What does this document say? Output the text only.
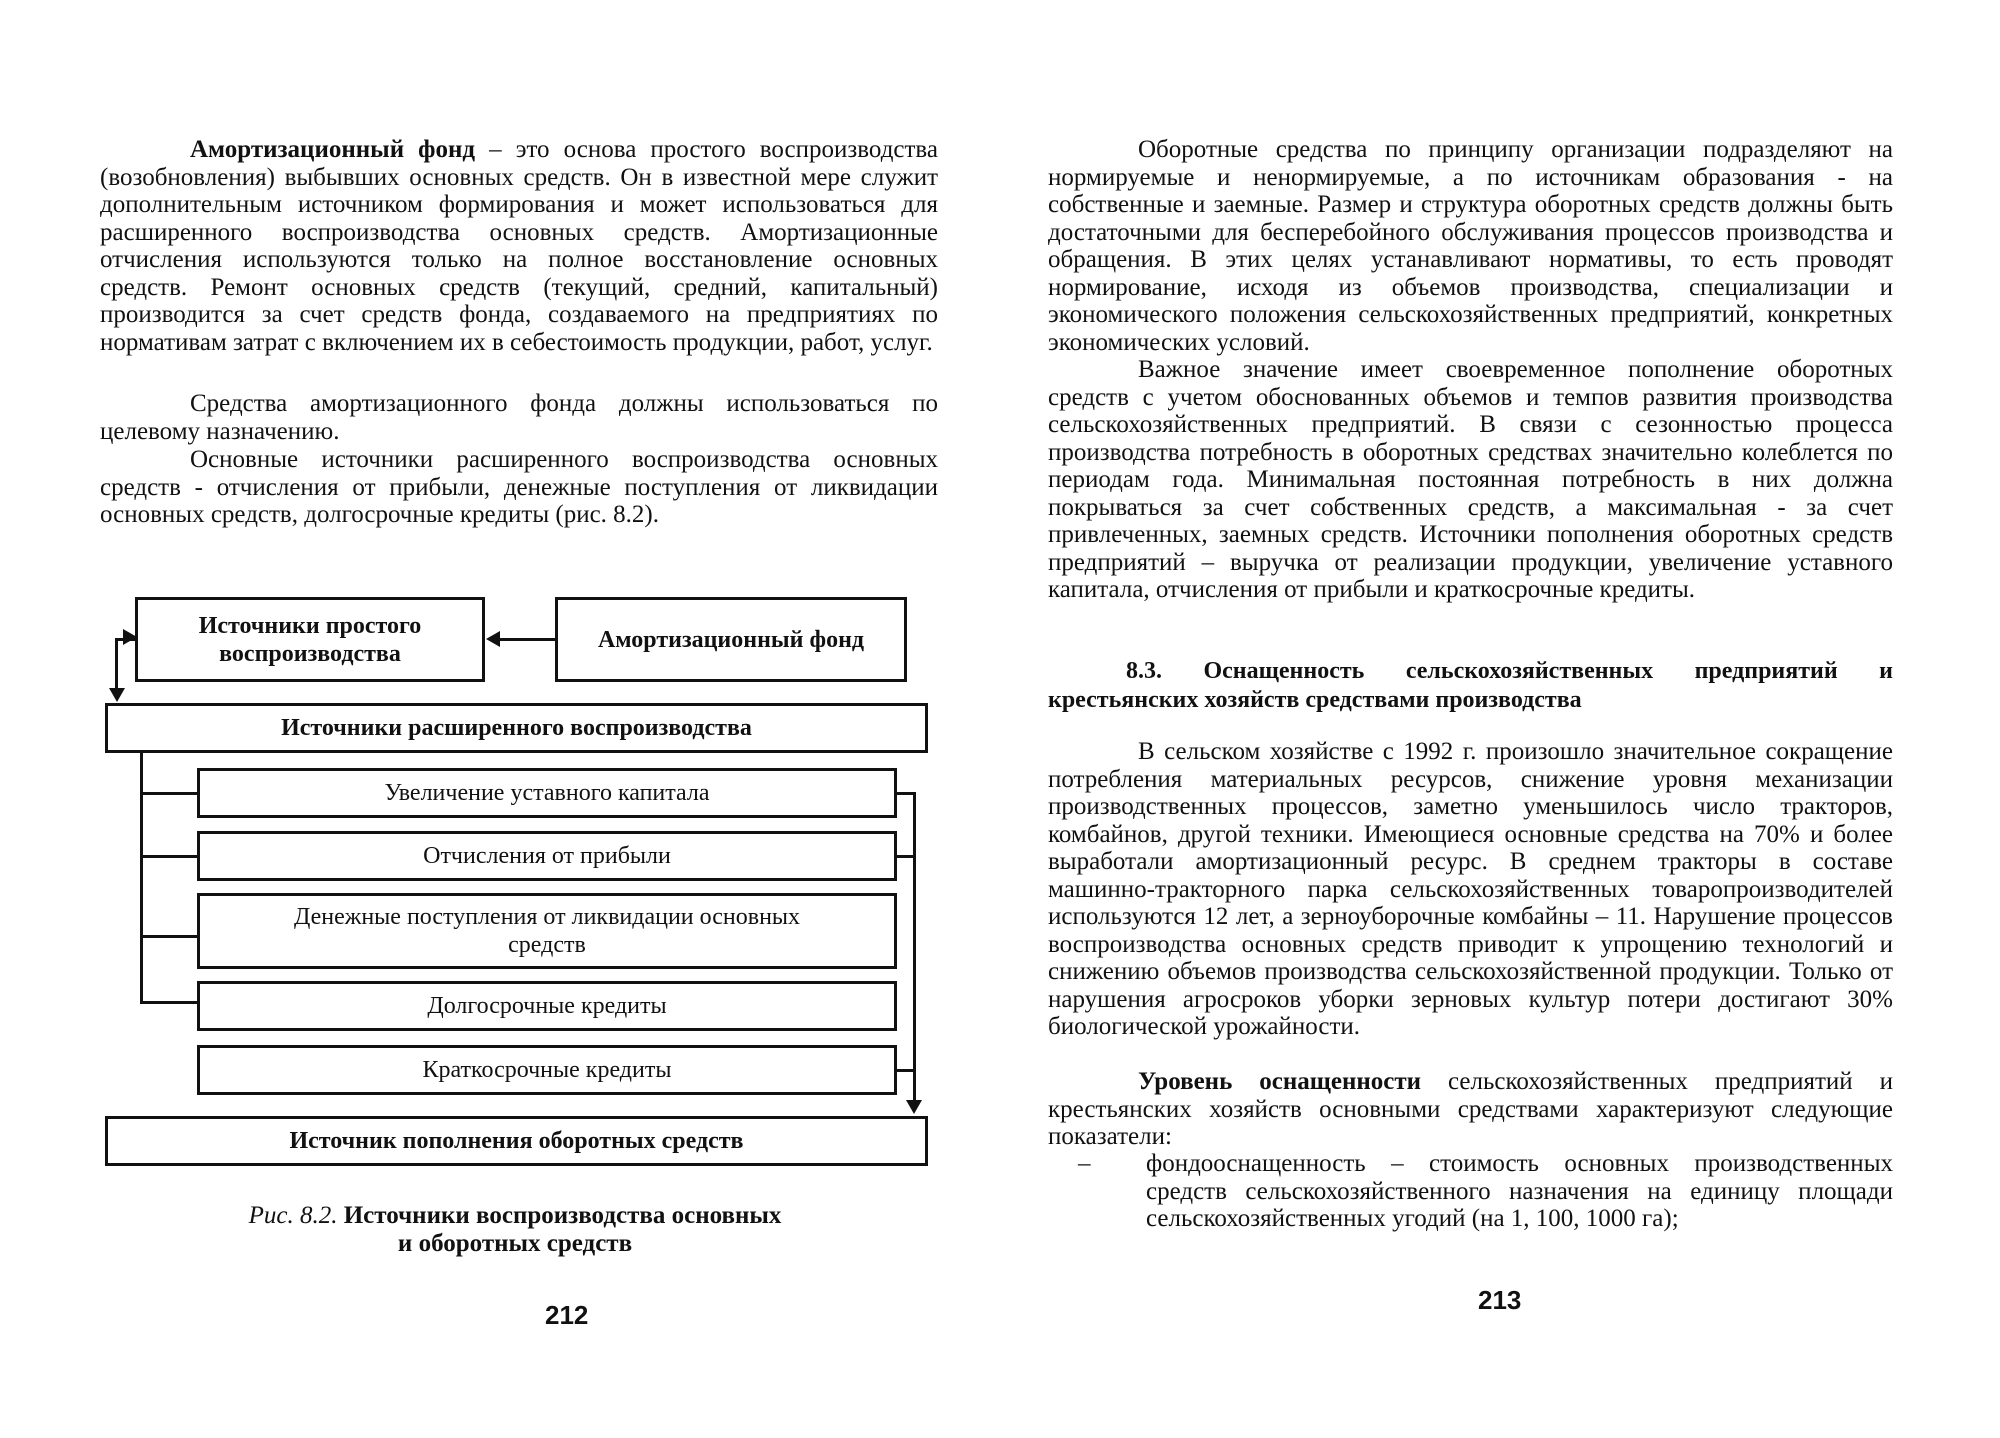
Амортизационный фонд – это основа простого воспроизводства (возобновления) выбывших основных средств. Он в известной мере служит дополнительным источником формирования и может использоваться для расширенного воспроизводства основных средств. Амортизационные отчисления используются только на полное восстановление основных средств. Ремонт основных средств (текущий, средний, капитальный) производится за счет средств фонда, создаваемого на предприятиях по нормативам затрат с включением их в себестоимость продукции, работ, услуг.

Средства амортизационного фонда должны использоваться по целевому назначению.

Основные источники расширенного воспроизводства основных средств - отчисления от прибыли, денежные поступления от ликвидации основных средств, долгосрочные кредиты (рис. 8.2).

Источники простого воспроизводства
Амортизационный фонд
Источники расширенного воспроизводства
Увеличение уставного капитала
Отчисления от прибыли
Денежные поступления от ликвидации основных средств
Долгосрочные кредиты
Краткосрочные кредиты
Источник пополнения оборотных средств
Рис. 8.2. Источники воспроизводства основных
и оборотных средств
212

Оборотные средства по принципу организации подразделяют на нормируемые и ненормируемые, а по источникам образования - на собственные и заемные. Размер и структура оборотных средств должны быть достаточными для бесперебойного обслуживания процессов производства и обращения. В этих целях устанавливают нормативы, то есть проводят нормирование, исходя из объемов производства, специализации и экономического положения сельскохозяйственных предприятий, конкретных экономических условий.

Важное значение имеет своевременное пополнение оборотных средств с учетом обоснованных объемов и темпов развития производства сельскохозяйственных предприятий. В связи с сезонностью процесса производства потребность в оборотных средствах значительно колеблется по периодам года. Минимальная постоянная потребность в них должна покрываться за счет собственных средств, а максимальная - за счет привлеченных, заемных средств. Источники пополнения оборотных средств предприятий – выручка от реализации продукции, увеличение уставного капитала, отчисления от прибыли и краткосрочные кредиты.

8.3. Оснащенность сельскохозяйственных предприятий и крестьянских хозяйств средствами производства

В сельском хозяйстве с 1992 г. произошло значительное сокращение потребления материальных ресурсов, снижение уровня механизации производственных процессов, заметно уменьшилось число тракторов, комбайнов, другой техники. Имеющиеся основные средства на 70% и более выработали амортизационный ресурс. В среднем тракторы в составе машинно-тракторного парка сельскохозяйственных товаропроизводителей используются 12 лет, а зерноуборочные комбайны – 11. Нарушение процессов воспроизводства основных средств приводит к упрощению технологий и снижению объемов производства сельскохозяйственной продукции. Только от нарушения агросроков уборки зерновых культур потери достигают 30% биологической урожайности.

Уровень оснащенности сельскохозяйственных предприятий и крестьянских хозяйств основными средствами характеризуют следующие показатели:

– фондооснащенность – стоимость основных производственных средств сельскохозяйственного назначения на единицу площади сельскохозяйственных угодий (на 1, 100, 1000 га);
213
